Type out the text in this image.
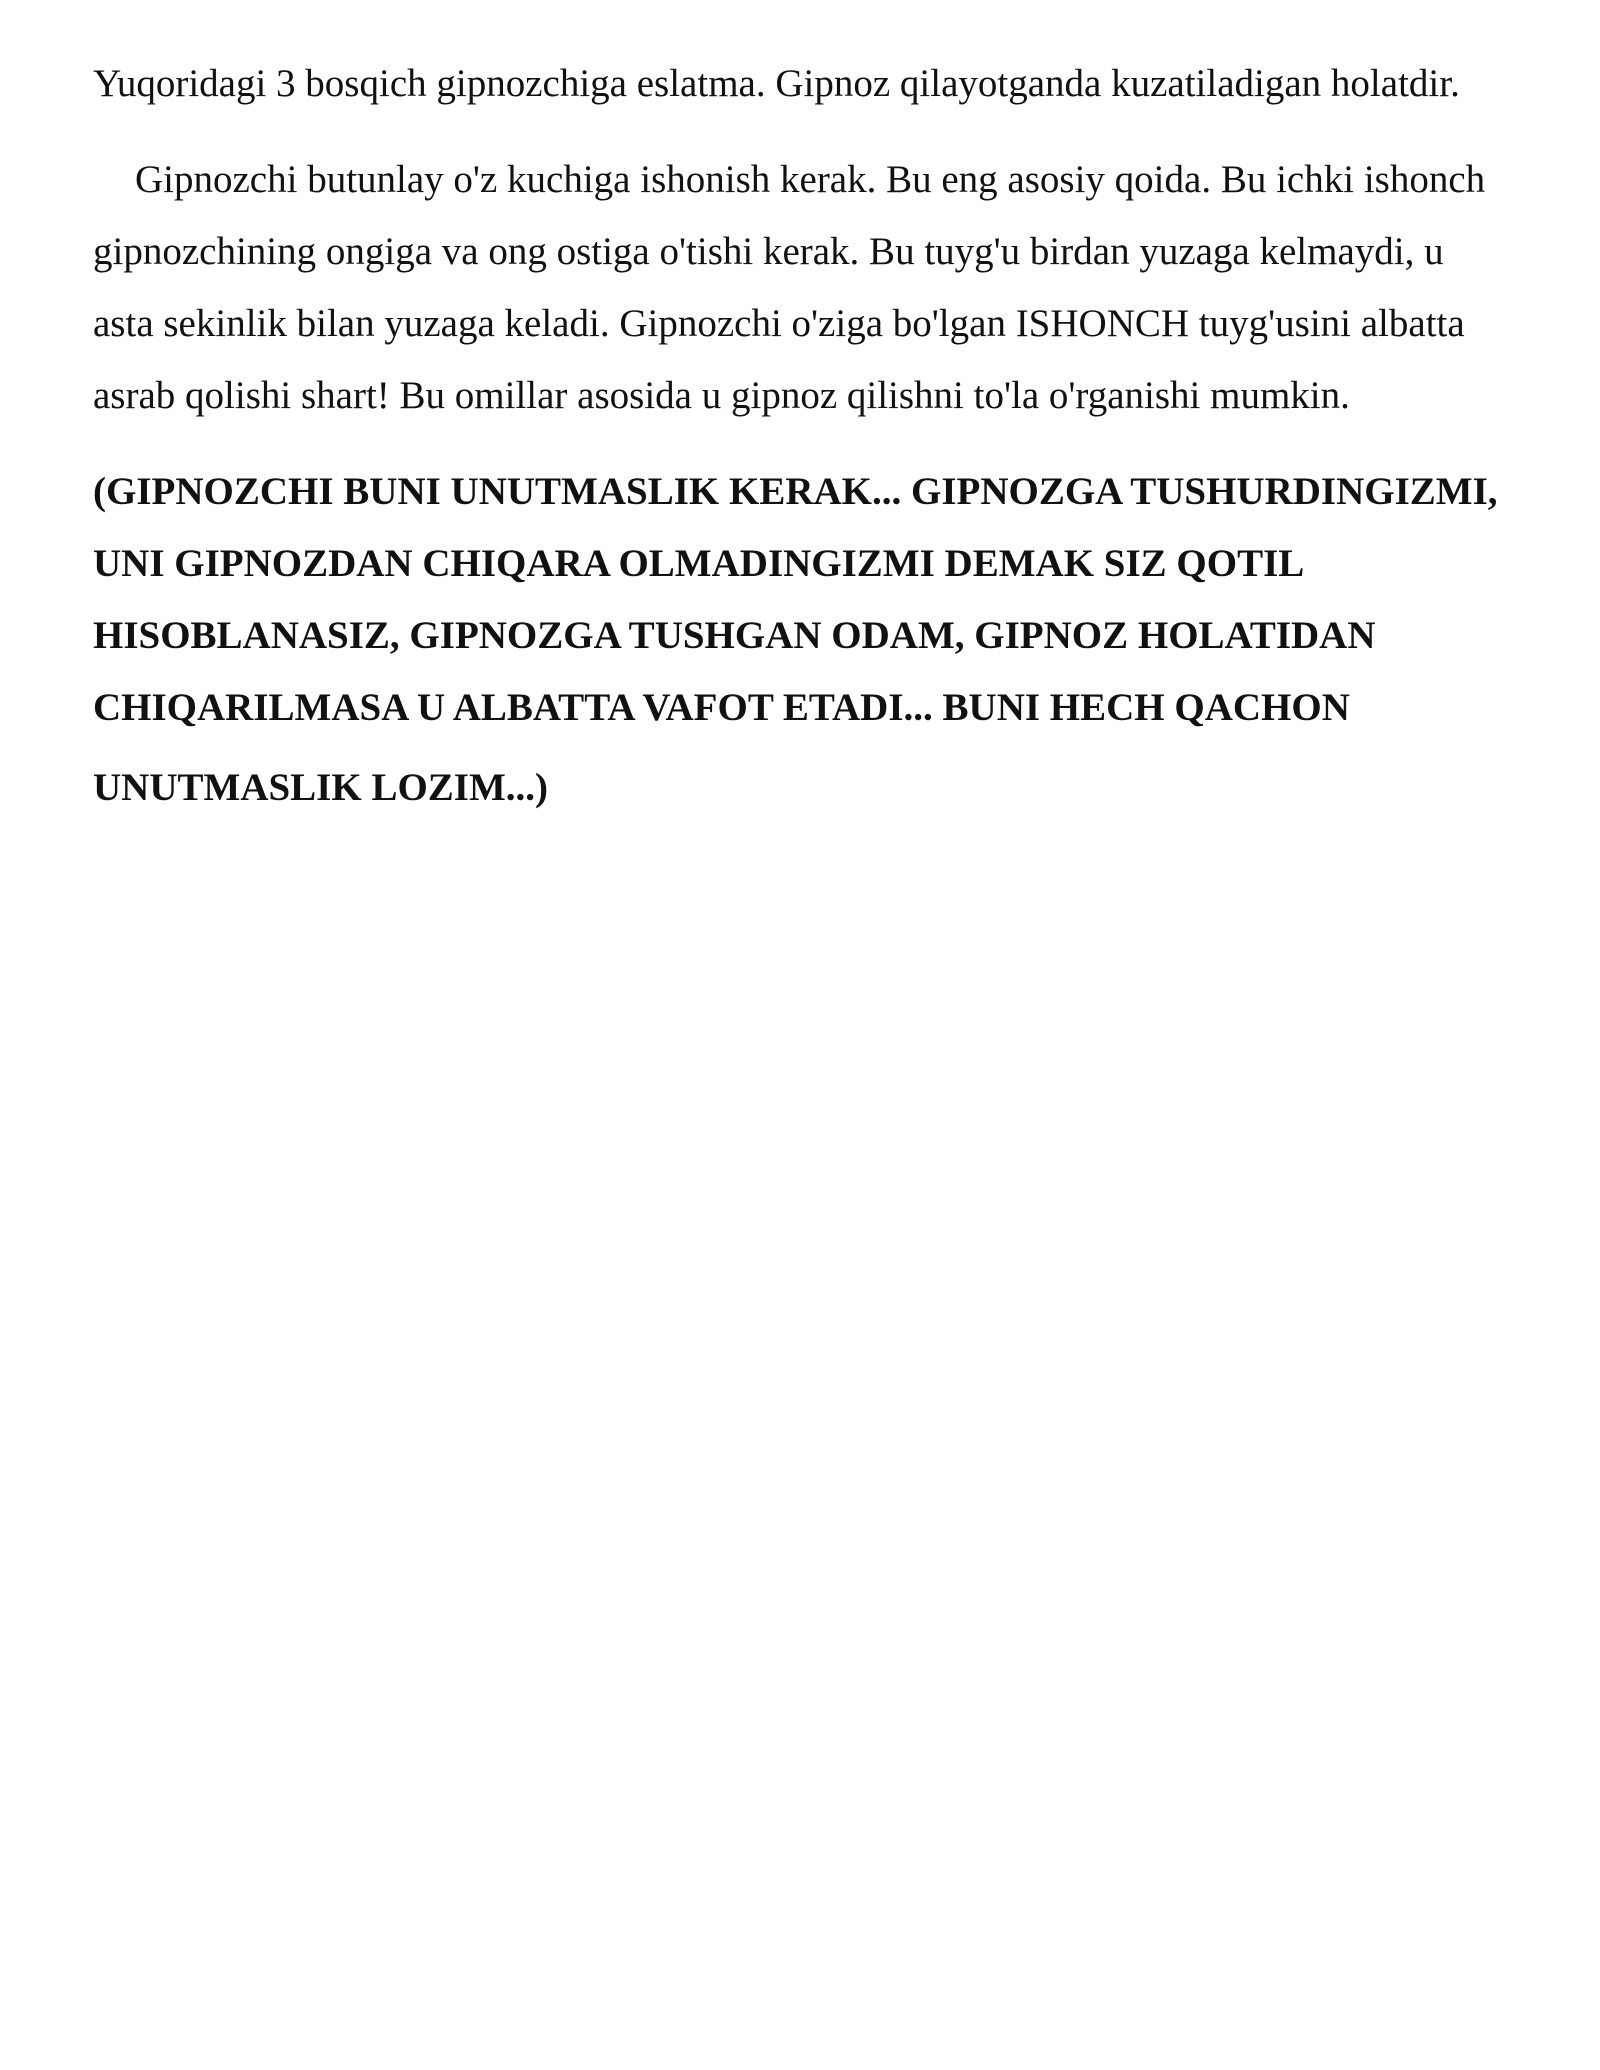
Yuqoridagi 3 bosqich gipnozchiga eslatma. Gipnoz qilayotganda kuzatiladigan holatdir.

Gipnozchi butunlay o'z kuchiga ishonish kerak. Bu eng asosiy qoida. Bu ichki ishonch gipnozchining ongiga va ong ostiga o'tishi kerak. Bu tuyg'u birdan yuzaga kelmaydi, u asta sekinlik bilan yuzaga keladi. Gipnozchi o'ziga bo'lgan ISHONCH tuyg'usini albatta asrab qolishi shart! Bu omillar asosida u gipnoz qilishni to'la o'rganishi mumkin.

(GIPNOZCHI BUNI UNUTMASLIK KERAK... GIPNOZGA TUSHURDINGIZMI, UNI GIPNOZDAN CHIQARA OLMADINGIZMI DEMAK SIZ QOTIL HISOBLANASIZ, GIPNOZGA TUSHGAN ODAM, GIPNOZ HOLATIDAN CHIQARILMASA U ALBATTA VAFOT ETADI... BUNI HECH QACHON

UNUTMASLIK LOZIM...)
